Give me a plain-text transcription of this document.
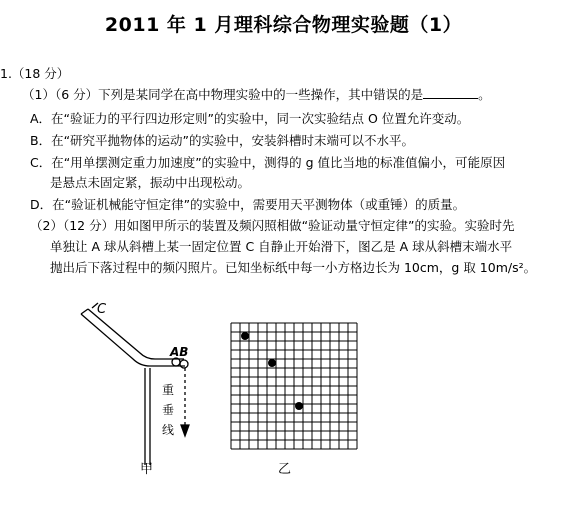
2011 年 1 月理科综合物理实验题（1）
1.（18 分）
（1）（6 分）下列是某同学在高中物理实验中的一些操作，其中错误的是	。
A．在“验证力的平行四边形定则”的实验中，同一次实验结点 O 位置允许变动。
B．在“研究平抛物体的运动”的实验中，安装斜槽时末端可以不水平。
C．在“用单摆测定重力加速度”的实验中，测得的 g 值比当地的标准值偏小，可能原因
是悬点未固定紧，振动中出现松动。
D．在“验证机械能守恒定律”的实验中，需要用天平测物体（或重锤）的质量。
（2）（12 分）用如图甲所示的装置及频闪照相做“验证动量守恒定律”的实验。实验时先
单独让 A 球从斜槽上某一固定位置 C 自静止开始滑下，图乙是 A 球从斜槽末端水平
抛出后下落过程中的频闪照片。已知坐标纸中每一小方格边长为 10cm，g 取 10m/s²。
C
AB
重
垂
线
甲	乙
